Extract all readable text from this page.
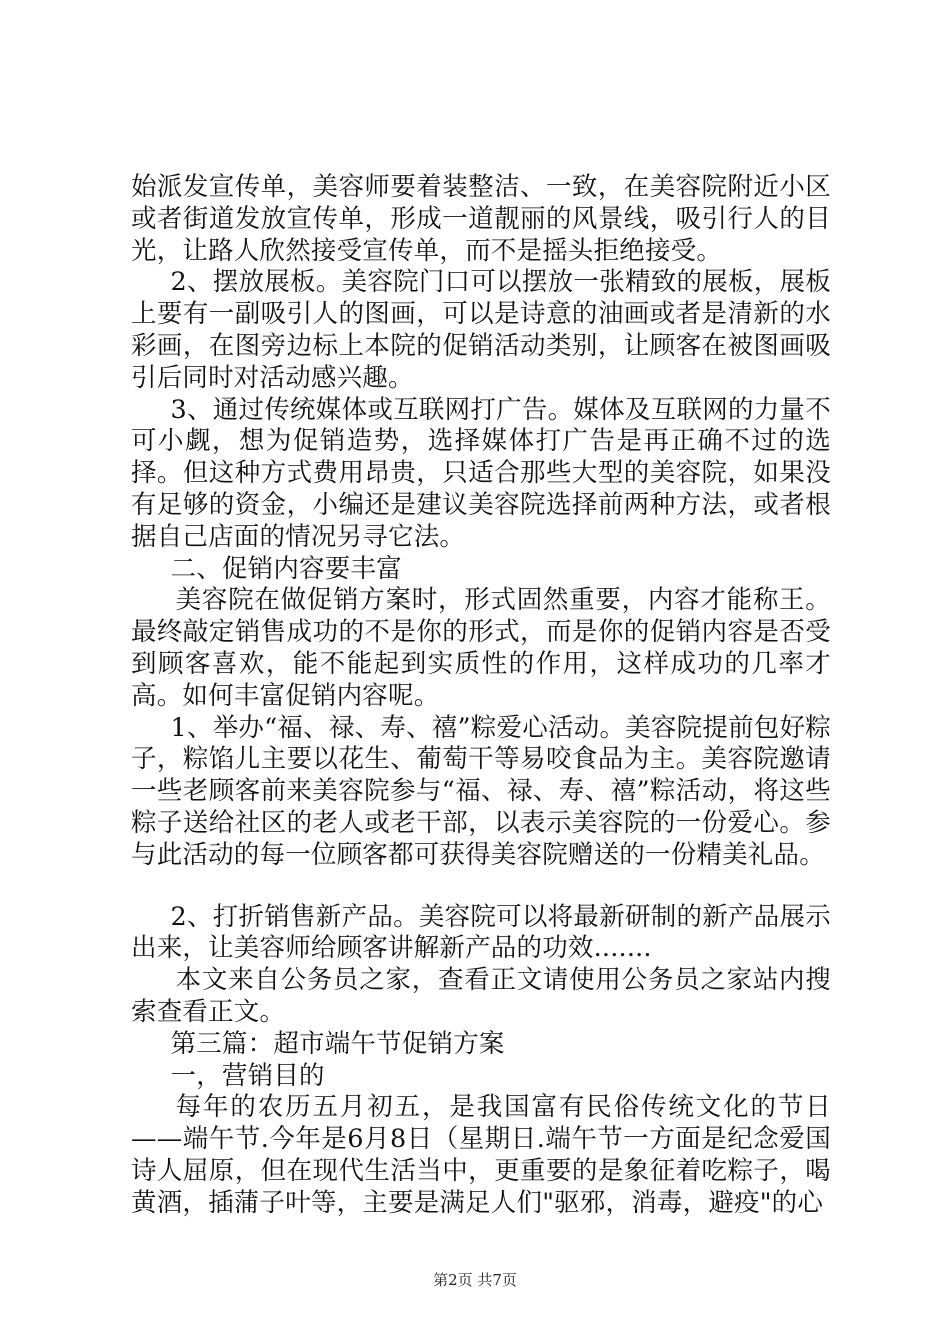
始派发宣传单，美容师要着装整洁、一致，在美容院附近小区或者街道发放宣传单，形成一道靓丽的风景线，吸引行人的目光，让路人欣然接受宣传单，而不是摇头拒绝接受。

2、摆放展板。美容院门口可以摆放一张精致的展板，展板上要有一副吸引人的图画，可以是诗意的油画或者是清新的水彩画，在图旁边标上本院的促销活动类别，让顾客在被图画吸引后同时对活动感兴趣。

3、通过传统媒体或互联网打广告。媒体及互联网的力量不可小觑，想为促销造势，选择媒体打广告是再正确不过的选择。但这种方式费用昂贵，只适合那些大型的美容院，如果没有足够的资金，小编还是建议美容院选择前两种方法，或者根据自己店面的情况另寻它法。

二、促销内容要丰富

美容院在做促销方案时，形式固然重要，内容才能称王。最终敲定销售成功的不是你的形式，而是你的促销内容是否受到顾客喜欢，能不能起到实质性的作用，这样成功的几率才高。如何丰富促销内容呢。

1、举办“福、禄、寿、禧”粽爱心活动。美容院提前包好粽子，粽馅儿主要以花生、葡萄干等易咬食品为主。美容院邀请一些老顾客前来美容院参与“福、禄、寿、禧”粽活动，将这些粽子送给社区的老人或老干部，以表示美容院的一份爱心。参与此活动的每一位顾客都可获得美容院赠送的一份精美礼品。

2、打折销售新产品。美容院可以将最新研制的新产品展示出来，让美容师给顾客讲解新产品的功效.......

本文来自公务员之家，查看正文请使用公务员之家站内搜索查看正文。

第三篇：超市端午节促销方案

一，营销目的

每年的农历五月初五，是我国富有民俗传统文化的节日——端午节.今年是6月8日（星期日.端午节一方面是纪念爱国诗人屈原，但在现代生活当中，更重要的是象征着吃粽子，喝黄酒，插蒲子叶等，主要是满足人们"驱邪，消毒，避疫"的心

第2页 共7页
